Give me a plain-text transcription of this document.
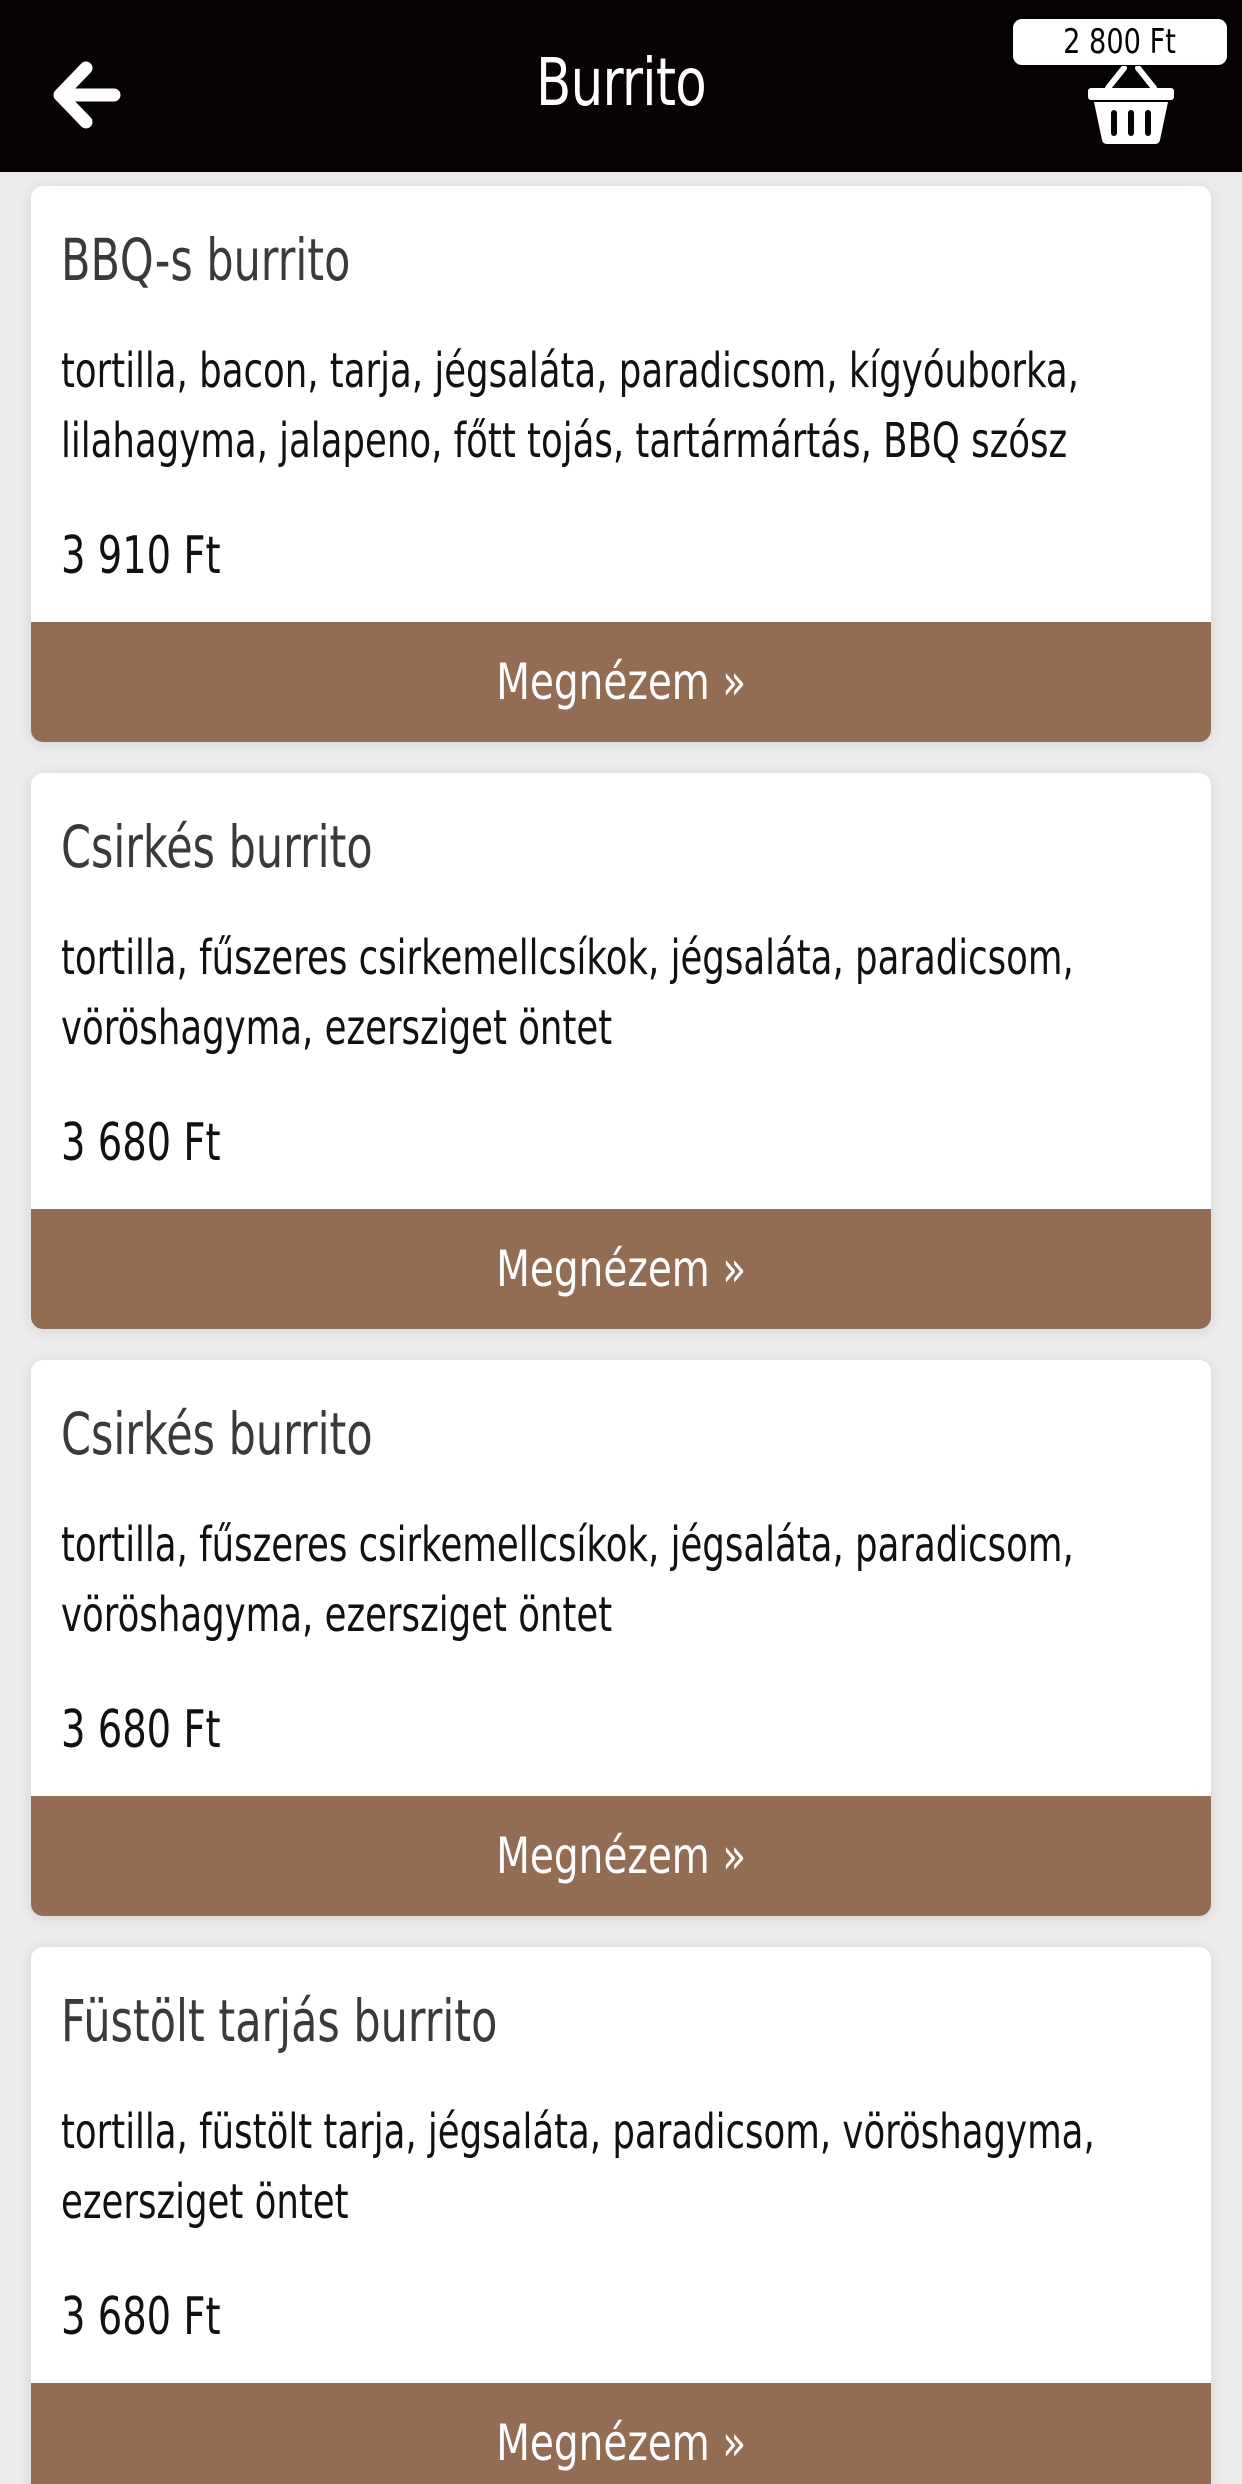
Burrito
2 800 Ft
BBQ-s burrito
tortilla, bacon, tarja, jégsaláta, paradicsom, kígyóuborka,
lilahagyma, jalapeno, főtt tojás, tartármártás, BBQ szósz
3 910 Ft
Megnézem »
Csirkés burrito
tortilla, fűszeres csirkemellcsíkok, jégsaláta, paradicsom,
vöröshagyma, ezersziget öntet
3 680 Ft
Megnézem »
Csirkés burrito
tortilla, fűszeres csirkemellcsíkok, jégsaláta, paradicsom,
vöröshagyma, ezersziget öntet
3 680 Ft
Megnézem »
Füstölt tarjás burrito
tortilla, füstölt tarja, jégsaláta, paradicsom, vöröshagyma,
ezersziget öntet
3 680 Ft
Megnézem »
